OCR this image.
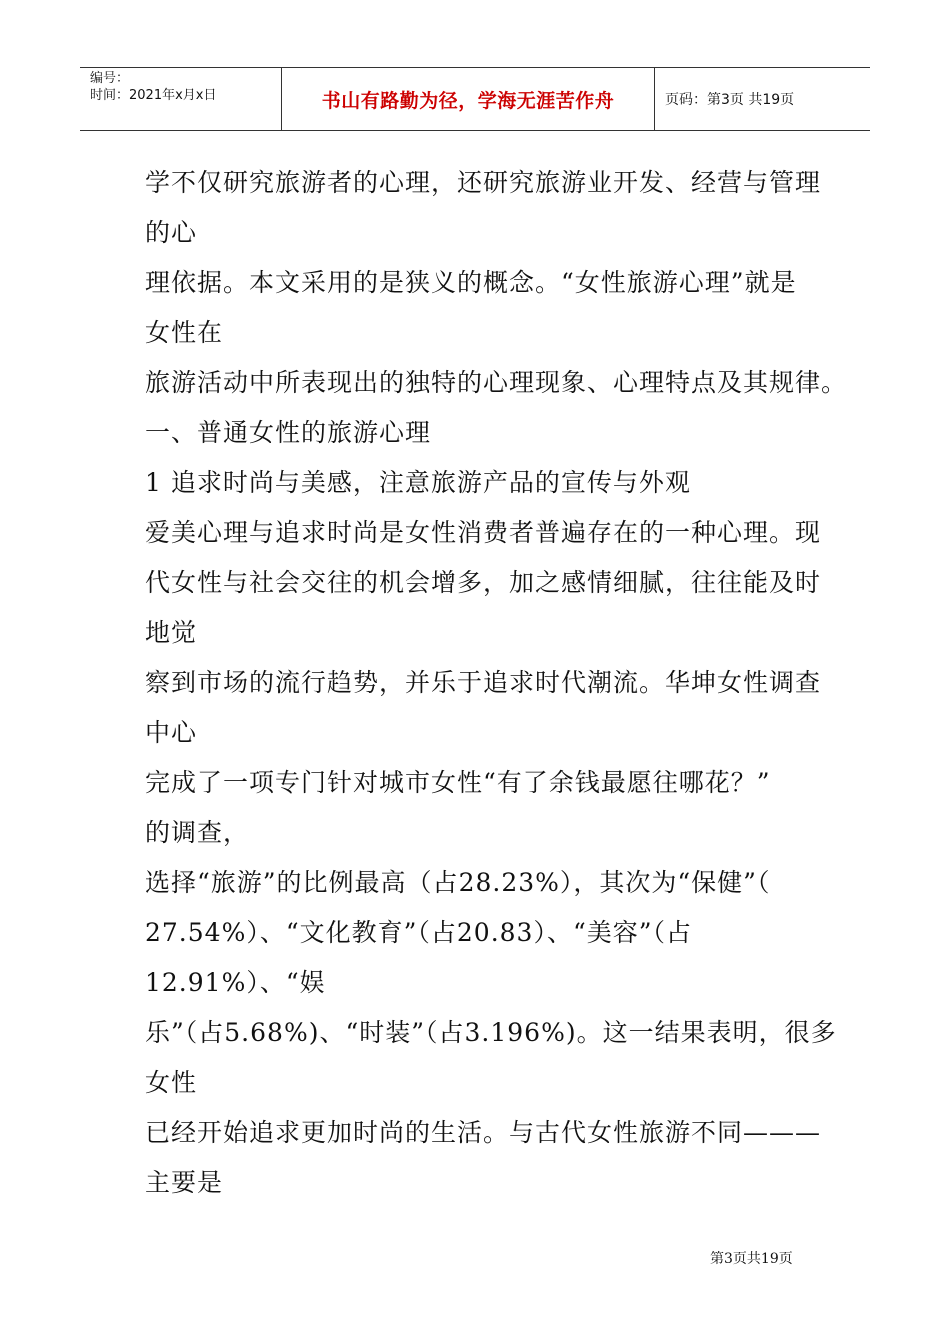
编号：
时间：2021年x月x日	书山有路勤为径，学海无涯苦作舟	页码：第3页 共19页
学不仅研究旅游者的心理，还研究旅游业开发、经营与管理
的心
理依据。本文采用的是狭义的概念。“女性旅游心理”就是
女性在
旅游活动中所表现出的独特的心理现象、心理特点及其规律。
一、普通女性的旅游心理
1 追求时尚与美感，注意旅游产品的宣传与外观
爱美心理与追求时尚是女性消费者普遍存在的一种心理。现
代女性与社会交往的机会增多，加之感情细腻，往往能及时
地觉
察到市场的流行趋势，并乐于追求时代潮流。华坤女性调查
中心
完成了一项专门针对城市女性“有了余钱最愿往哪花？”
的调查，
选择“旅游”的比例最高（占28.23%），其次为“保健”（
27.54%）、“文化教育”（占20.83）、“美容”（占
12.91%）、“娱
乐”（占5.68%)、“时装”（占3.196%)。这一结果表明，很多
女性
已经开始追求更加时尚的生活。与古代女性旅游不同———
主要是
第3页共19页
